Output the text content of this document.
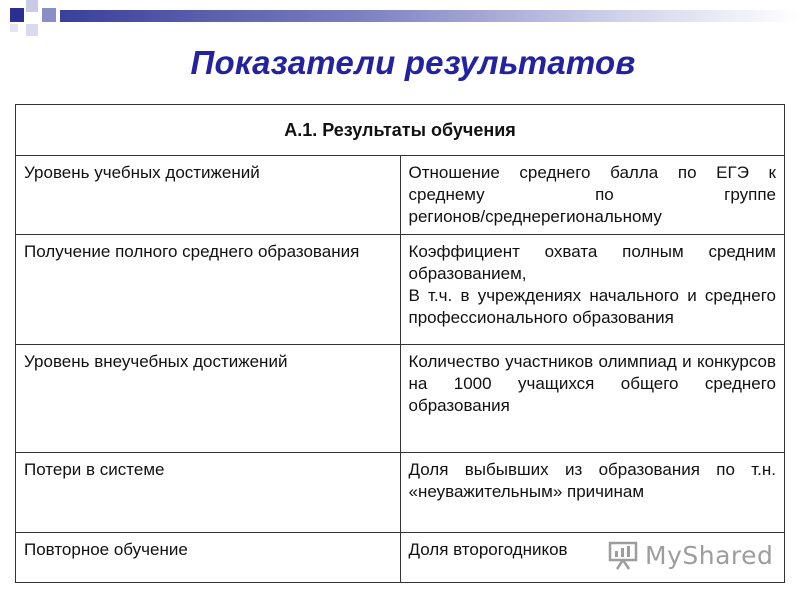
Показатели результатов
А.1. Результаты обучения	
Уровень учебных достижений	Отношение среднего балла по ЕГЭ к
среднему по группе
регионов/среднерегиональному

Получение полного среднего образования	Коэффициент охвата полным средним
образованием,
В т.ч. в учреждениях начального и среднего
профессионального образования

Уровень внеучебных достижений	Количество участников олимпиад и конкурсов
на 1000 учащихся общего среднего
образования

Потери в системе	Доля выбывших из образования по т.н.
«неуважительным» причинам

Повторное обучение	Доля второгодников	MyShared
